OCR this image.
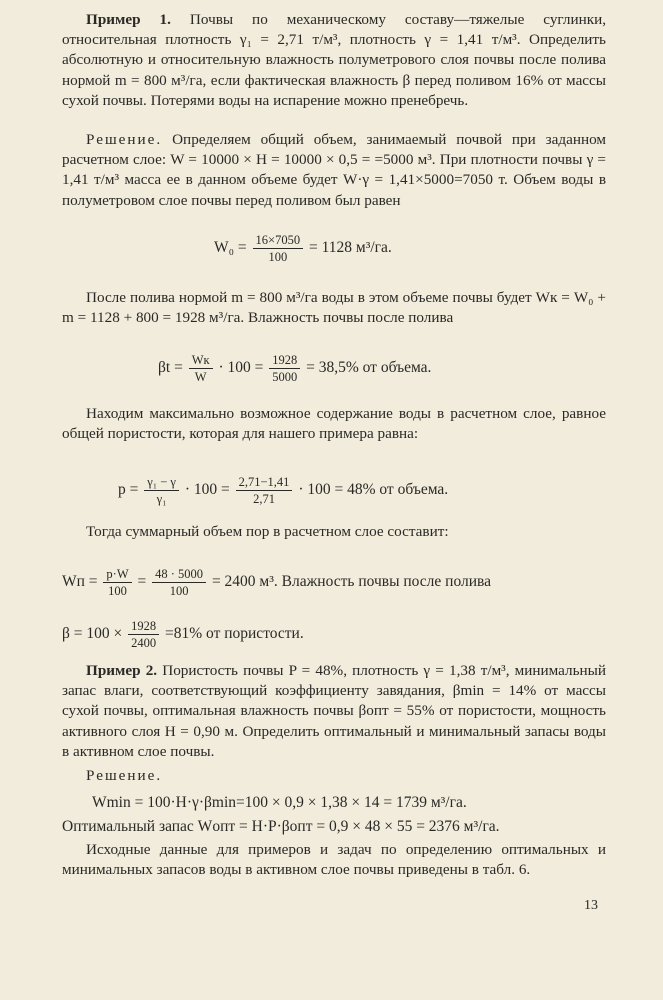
Пример 1. Почвы по механическому составу—тяжелые суглинки, относительная плотность γ₁ = 2,71 т/м³, плотность γ = 1,41 т/м³. Определить абсолютную и относительную влажность полуметрового слоя почвы после полива нормой m = 800 м³/га, если фактическая влажность β перед поливом 16% от массы сухой почвы. Потерями воды на испарение можно пренебречь.
Решение. Определяем общий объем, занимаемый почвой при заданном расчетном слое: W = 10000 × H = 10000 × 0,5 = =5000 м³. При плотности почвы γ = 1,41 т/м³ масса ее в данном объеме будет W·γ = 1,41×5000=7050 т. Объем воды в полуметровом слое почвы перед поливом был равен
$W_0 = \frac{16\times 7050}{100} = 1128$ м³/га.
После полива нормой m = 800 м³/га воды в этом объеме почвы будет Wк = W₀ + m = 1128 + 800 = 1928 м³/га. Влажность почвы после полива
$\beta t = \frac{Wк}{W} \cdot 100 = \frac{1928}{5000} = 38,5\%$ от объема.
Находим максимально возможное содержание воды в расчетном слое, равное общей пористости, которая для нашего примера равна:
$p = \frac{\text{γ₁ − γ}}{\text{γ₁}} \cdot 100 = \frac{2,71-1,41}{2,71} \cdot 100 = 48\%$ от объема.
Тогда суммарный объем пор в расчетном слое составит:
Wп = $\frac{p\cdot W}{100} = \frac{48 \cdot 5000}{100} = 2400$ м³. Влажность почвы после полива
$\beta = 100 \times \frac{1928}{2400} =81\%$ от пористости.
Пример 2. Пористость почвы P = 48%, плотность γ = 1,38 т/м³, минимальный запас влаги, соответствующий коэффициенту завядания, βmin = 14% от массы сухой почвы, оптимальная влажность почвы βопт = 55% от пористости, мощность активного слоя H = 0,90 м. Определить оптимальный и минимальный запасы воды в активном слое почвы.
Решение.
Wmin = 100·H·γ·βmin=100 × 0,9 × 1,38 × 14 = 1739 м³/га.
Оптимальный запас Wопт = H·P·βопт = 0,9 × 48 × 55 = 2376 м³/га.
Исходные данные для примеров и задач по определению оптимальных и минимальных запасов воды в активном слое почвы приведены в табл. 6.
13
